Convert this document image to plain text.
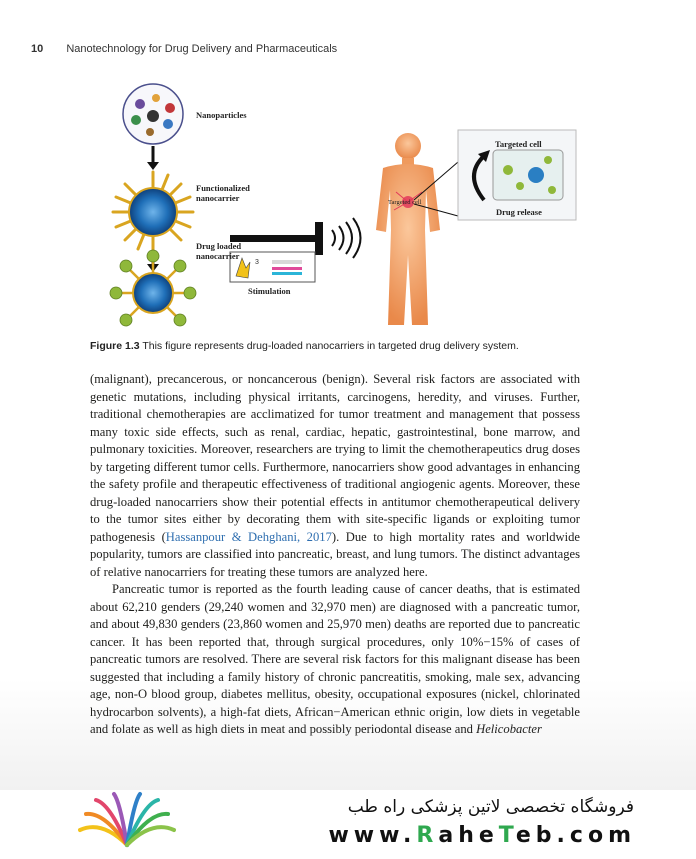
10 Nanotechnology for Drug Delivery and Pharmaceuticals
3
Nanoparticles
Functionalized nanocarrier
Drug loaded nanocarrier
Stimulation
Targeted cell
Targeted cell
Drug release
Figure 1.3 This figure represents drug-loaded nanocarriers in targeted drug delivery system.

(malignant), precancerous, or noncancerous (benign). Several risk factors are associated with genetic mutations, including physical irritants, carcinogens, heredity, and viruses. Further, traditional chemotherapies are acclimatized for tumor treatment and management that possess many toxic side effects, such as renal, cardiac, hepatic, gastrointestinal, bone marrow, and pulmonary toxicities. Moreover, researchers are trying to limit the chemotherapeutics drug doses by targeting different tumor cells. Furthermore, nanocarriers show good advantages in enhancing the safety profile and therapeutic effectiveness of traditional angiogenic agents. Moreover, these drug-loaded nanocarriers show their potential effects in antitumor chemotherapeutical delivery to the tumor sites either by decorating them with site-specific ligands or exploiting tumor pathogenesis (Hassanpour & Dehghani, 2017). Due to high mortality rates and worldwide popularity, tumors are classified into pancreatic, breast, and lung tumors. The distinct advantages of relative nanocarriers for treating these tumors are analyzed here.

Pancreatic tumor is reported as the fourth leading cause of cancer deaths, that is estimated about 62,210 genders (29,240 women and 32,970 men) are diagnosed with a pancreatic tumor, and about 49,830 genders (23,860 women and 25,970 men) deaths are reported due to pancreatic cancer. It has been reported that, through surgical procedures, only 10%−15% of cases of pancreatic tumors are resolved. There are several risk factors for this malignant disease has been suggested that including a family history of chronic pancreatitis, smoking, male sex, advancing age, non-O blood group, diabetes mellitus, obesity, occupational exposures (nickel, chlorinated hydrocarbon solvents), a high-fat diets, African−American ethnic origin, low diets in vegetable and folate as well as high diets in meat and possibly periodontal disease and Helicobacter

فروشگاه تخصصی لاتین پزشکی راه طب
www.RaheTeb.com
